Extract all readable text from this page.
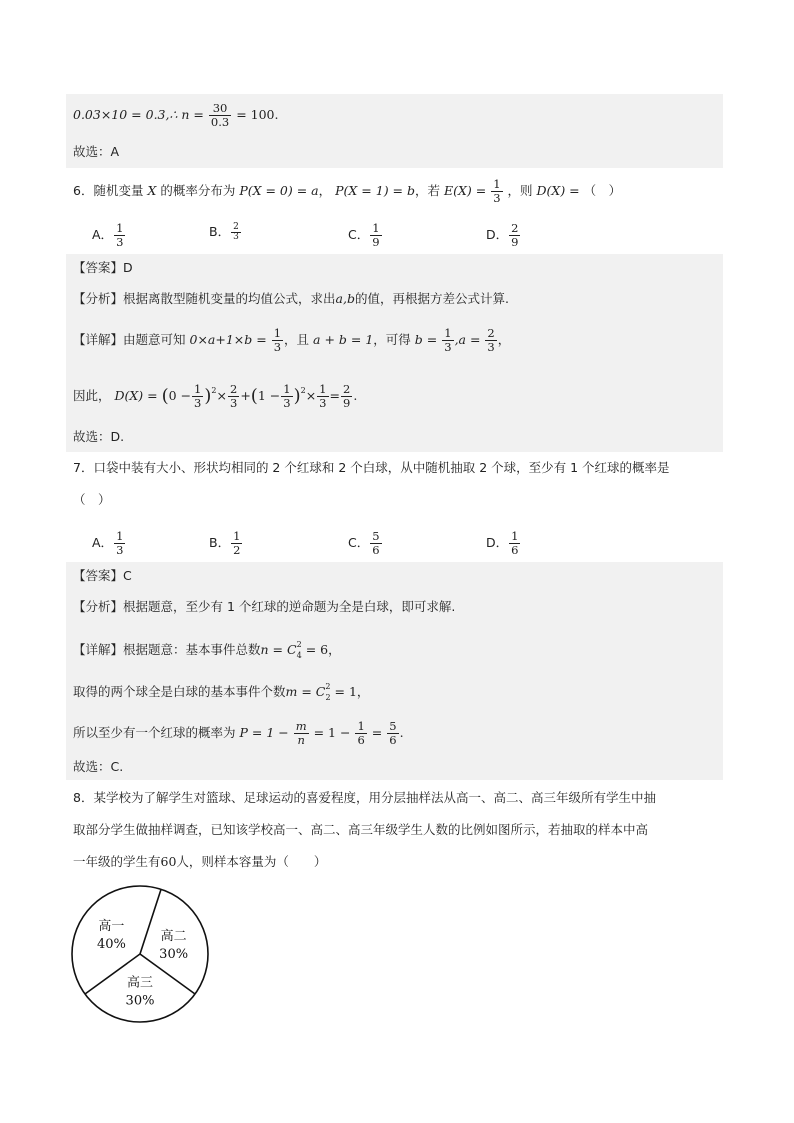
0.03×10 = 0.3,∴ $n = \frac{30}{0.3} = 100$.
故选：A
6．随机变量 X 的概率分布为 P(X = 0) = a， P(X = 1) = b，若 $E(X) = \frac{1}{3}$ ，则 D(X) = （　）
A． $\frac{1}{3}$	B． $\frac{2}{3}$	C． $\frac{1}{9}$	D． $\frac{2}{9}$
【答案】D
【分析】根据离散型随机变量的均值公式，求出a,b的值，再根据方差公式计算.
【详解】由题意可知 $0\times a+1\times b = \frac{1}{3}$ ，且 a + b = 1，可得 $b = \frac{1}{3} ,a = \frac{2}{3}$ ，
因此， $D(X) = (0 - \frac{1}{3} )^2\times \frac{2}{3} +(1 - \frac{1}{3} )^2\times \frac{1}{3} = \frac{2}{9}$ .
故选：D.
7．口袋中装有大小、形状均相同的 2 个红球和 2 个白球，从中随机抽取 2 个球，至少有 1 个红球的概率是
（　）
A． $\frac{1}{3}$	B． $\frac{1}{2}$	C． $\frac{5}{6}$	D． $\frac{1}{6}$
【答案】C
【分析】根据题意，至少有 1 个红球的逆命题为全是白球，即可求解.
【详解】根据题意：基本事件总数$n = C^2_4 = 6$，
取得的两个球全是白球的基本事件个数$m = C^2_2 = 1$，
所以至少有一个红球的概率为 $P = 1 - \frac{m}{n} = 1 - \frac{1}{6} = \frac{5}{6}$ .
故选：C.
8．某学校为了解学生对篮球、足球运动的喜爱程度，用分层抽样法从高一、高二、高三年级所有学生中抽
取部分学生做抽样调查，已知该学校高一、高二、高三年级学生人数的比例如图所示，若抽取的样本中高
一年级的学生有60人，则样本容量为（　　）
高二
30%
高三
30%
高一
40%
